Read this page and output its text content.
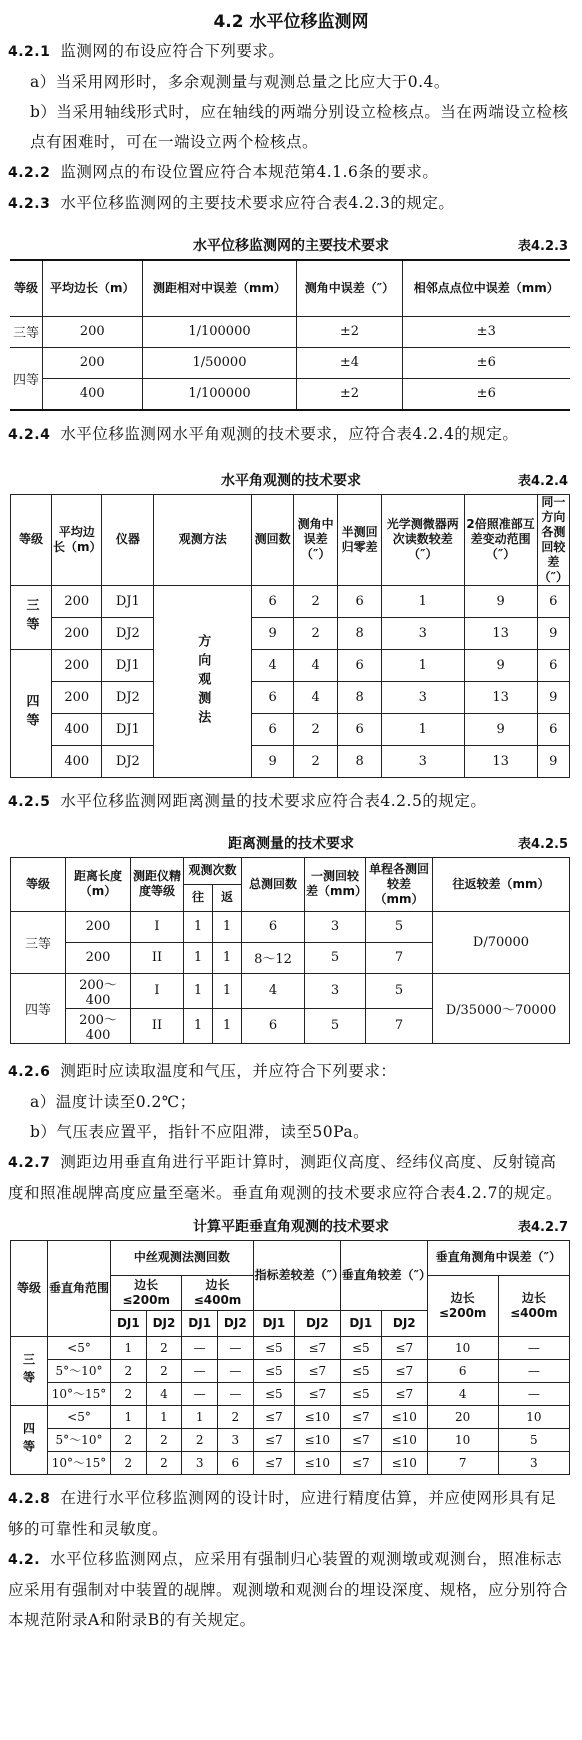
4.2 水平位移监测网

4.2.1 监测网的布设应符合下列要求。

a）当采用网形时，多余观测量与观测总量之比应大于0.4。

b）当采用轴线形式时，应在轴线的两端分别设立检核点。当在两端设立检核点有困难时，可在一端设立两个检核点。

4.2.2 监测网点的布设位置应符合本规范第4.1.6条的要求。

4.2.3 水平位移监测网的主要技术要求应符合表4.2.3的规定。

水平位移监测网的主要技术要求	表4.2.3
等级	平均边长（m）	测距相对中误差（mm）	测角中误差（″）	相邻点点位中误差（mm）
三等	200	1/100000	±2	±3
四等	200	1/50000	±4	±6
	400	1/100000	±2	±6

4.2.4 水平位移监测网水平角观测的技术要求，应符合表4.2.4的规定。

水平角观测的技术要求	表4.2.4
等级	平均边长（m）	仪器	观测方法	测回数	测角中误差（″）	半测回归零差	光学测微器两次读数较差（″）	2倍照准部互差变动范围（″）	同一方向各测回较差（″）
三等	200	DJ1	方向观测法	6	2	6	1	9	6
	200	DJ2		9	2	8	3	13	9
四等	200	DJ1		4	4	6	1	9	6
	200	DJ2		6	4	8	3	13	9
	400	DJ1		6	2	6	1	9	6
	400	DJ2		9	2	8	3	13	9

4.2.5 水平位移监测网距离测量的技术要求应符合表4.2.5的规定。

距离测量的技术要求	表4.2.5
等级	距离长度（m）	测距仪精度等级	观测次数		总测回数	一测回较差（mm）	单程各测回较差（mm）	往返较差（mm）
			往	返				
三等	200	I	1	1	6	3	5	D/70000
	200	II	1	1	8～12	5	7	
四等	200～400	I	1	1	4	3	5	D/35000～70000
	200～400	II	1	1	6	5	7	

4.2.6 测距时应读取温度和气压，并应符合下列要求：

a）温度计读至0.2℃；

b）气压表应置平，指针不应阻滞，读至50Pa。

4.2.7 测距边用垂直角进行平距计算时，测距仪高度、经纬仪高度、反射镜高度和照准觇牌高度应量至毫米。垂直角观测的技术要求应符合表4.2.7的规定。

计算平距垂直角观测的技术要求	表4.2.7
等级	垂直角范围	中丝观测法测回数				指标差较差（″）		垂直角较差（″）		垂直角测角中误差（″）	
		边长≤200m		边长≤400m						边长≤200m	边长≤400m
		DJ1	DJ2	DJ1	DJ2	DJ1	DJ2	DJ1	DJ2		
三等	<5°	1	2	—	—	≤5	≤7	≤5	≤7	10	—
	5°～10°	2	2	—	—	≤5	≤7	≤5	≤7	6	—
	10°～15°	2	4	—	—	≤5	≤7	≤5	≤7	4	—
四等	<5°	1	1	1	2	≤7	≤10	≤7	≤10	20	10
	5°～10°	2	2	2	3	≤7	≤10	≤7	≤10	10	5
	10°～15°	2	2	3	6	≤7	≤10	≤7	≤10	7	3

4.2.8 在进行水平位移监测网的设计时，应进行精度估算，并应使网形具有足够的可靠性和灵敏度。

4.2. 水平位移监测网点，应采用有强制归心装置的观测墩或观测台，照准标志应采用有强制对中装置的觇牌。观测墩和观测台的埋设深度、规格，应分别符合本规范附录A和附录B的有关规定。
